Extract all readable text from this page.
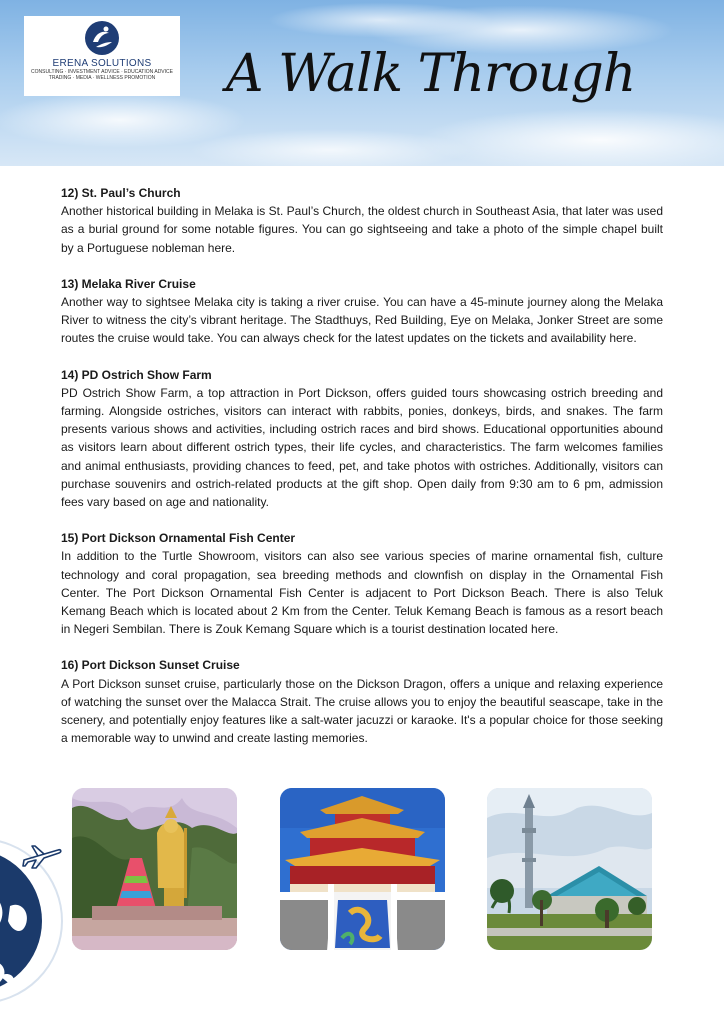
ERENA SOLUTIONS
CONSULTING · INVESTMENT ADVICE · EDUCATION ADVICE
TRADING · MEDIA · WELLNESS PROMOTION	A Walk Through
12) St. Paul’s Church
Another historical building in Melaka is St. Paul’s Church, the oldest church in Southeast Asia, that later was used as a burial ground for some notable figures. You can go sightseeing and take a photo of the simple chapel built by a Portuguese nobleman here.
13) Melaka River Cruise
Another way to sightsee Melaka city is taking a river cruise. You can have a 45-minute journey along the Melaka River to witness the city’s vibrant heritage. The Stadthuys, Red Building, Eye on Melaka, Jonker Street are some routes the cruise would take. You can always check for the latest updates on the tickets and availability here.
14) PD Ostrich Show Farm
PD Ostrich Show Farm, a top attraction in Port Dickson, offers guided tours showcasing ostrich breeding and farming. Alongside ostriches, visitors can interact with rabbits, ponies, donkeys, birds, and snakes. The farm presents various shows and activities, including ostrich races and bird shows. Educational opportunities abound as visitors learn about different ostrich types, their life cycles, and characteristics. The farm welcomes families and animal enthusiasts, providing chances to feed, pet, and take photos with ostriches. Additionally, visitors can purchase souvenirs and ostrich-related products at the gift shop. Open daily from 9:30 am to 6 pm, admission fees vary based on age and nationality.
15) Port Dickson Ornamental Fish Center
In addition to the Turtle Showroom, visitors can also see various species of marine ornamental fish, culture technology and coral propagation, sea breeding methods and clownfish on display in the Ornamental Fish Center. The Port Dickson Ornamental Fish Center is adjacent to Port Dickson Beach. There is also Teluk Kemang Beach which is located about 2 Km from the Center. Teluk Kemang Beach is famous as a resort beach in Negeri Sembilan. There is Zouk Kemang Square which is a tourist destination located here.
16) Port Dickson Sunset Cruise
A Port Dickson sunset cruise, particularly those on the Dickson Dragon, offers a unique and relaxing experience of watching the sunset over the Malacca Strait. The cruise allows you to enjoy the beautiful seascape, take in the scenery, and potentially enjoy features like a salt-water jacuzzi or karaoke. It's a popular choice for those seeking a memorable way to unwind and create lasting memories.
